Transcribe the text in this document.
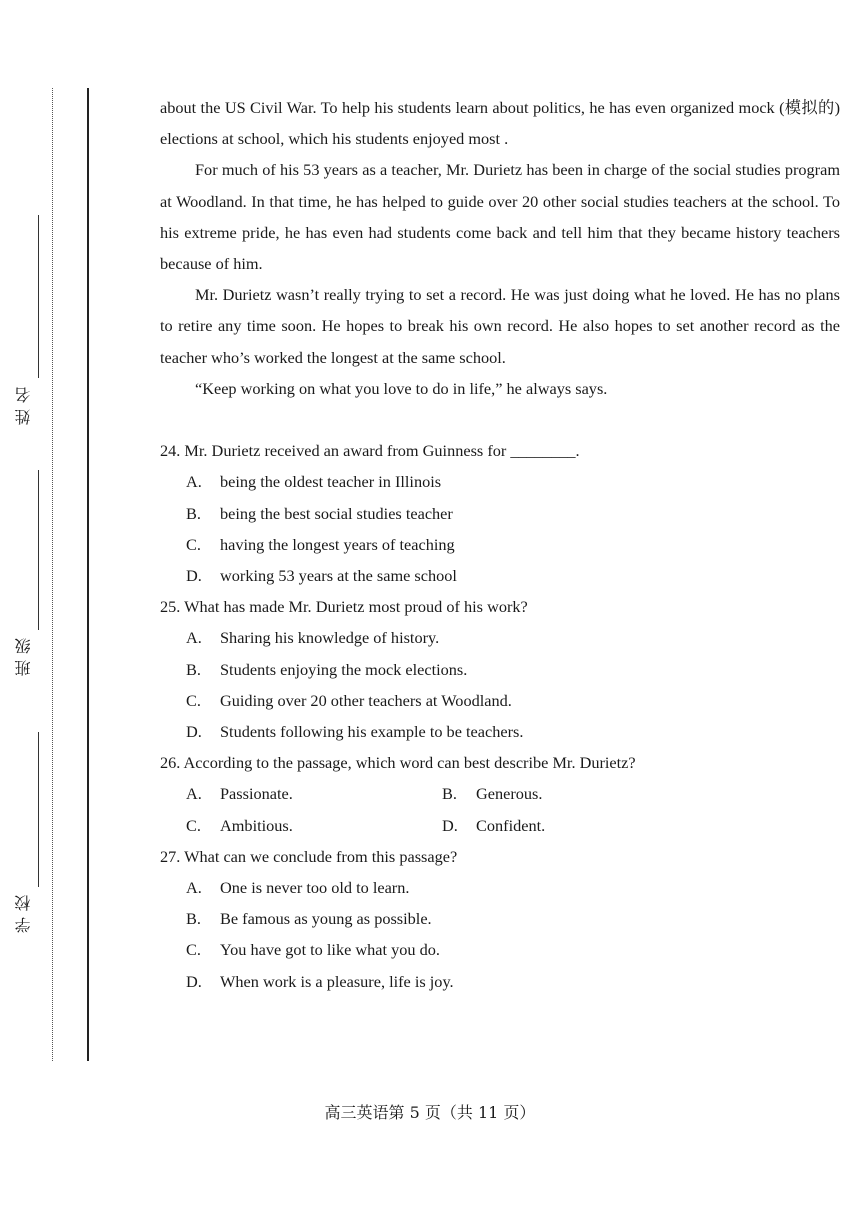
姓名
班级
学校

about the US Civil War. To help his students learn about politics, he has even organized mock (模拟的) elections at school, which his students enjoyed most .

For much of his 53 years as a teacher, Mr. Durietz has been in charge of the social studies program at Woodland. In that time, he has helped to guide over 20 other social studies teachers at the school. To his extreme pride, he has even had students come back and tell him that they became history teachers because of him.

Mr. Durietz wasn’t really trying to set a record. He was just doing what he loved. He has no plans to retire any time soon. He hopes to break his own record. He also hopes to set another record as the teacher who’s worked the longest at the same school.

“Keep working on what you love to do in life,” he always says.

24. Mr. Durietz received an award from Guinness for ________.

A.	being the oldest teacher in Illinois
B.	being the best social studies teacher
C.	having the longest years of teaching
D.	working 53 years at the same school

25. What has made Mr. Durietz most proud of his work?

A.	Sharing his knowledge of history.
B.	Students enjoying the mock elections.
C.	Guiding over 20 other teachers at Woodland.
D.	Students following his example to be teachers.

26. According to the passage, which word can best describe Mr. Durietz?

A.	Passionate.	B.	Generous.
C.	Ambitious.	D.	Confident.

27. What can we conclude from this passage?

A.	One is never too old to learn.
B.	Be famous as young as possible.
C.	You have got to like what you do.
D.	When work is a pleasure, life is joy.
高三英语第 5 页（共 11 页）
